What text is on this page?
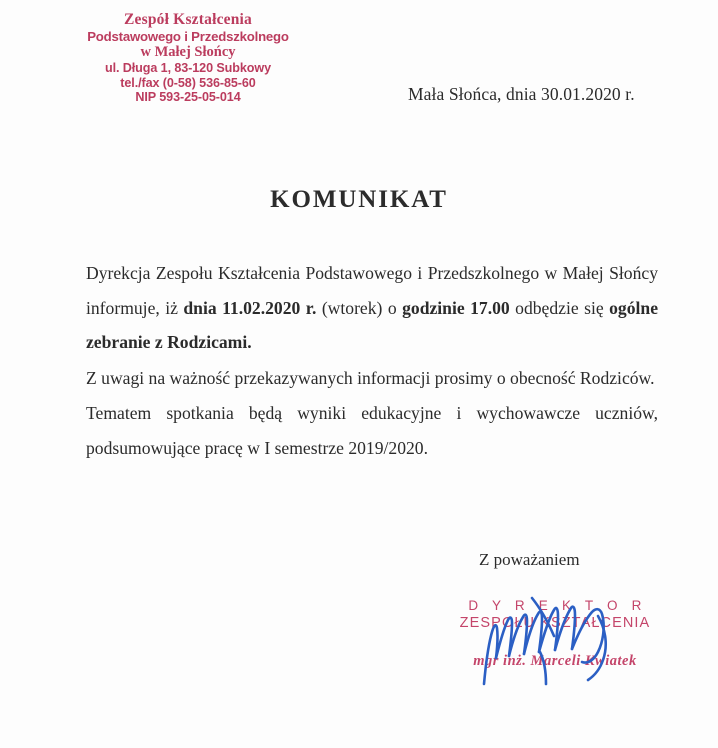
Zespół Kształcenia
Podstawowego i Przedszkolnego
w Małej Słońcy
ul. Długa 1, 83-120 Subkowy
tel./fax (0-58) 536-85-60
NIP 593-25-05-014	Mała Słońca, dnia 30.01.2020 r.
KOMUNIKAT

Dyrekcja Zespołu Kształcenia Podstawowego i Przedszkolnego w Małej Słońcy informuje, iż dnia 11.02.2020 r. (wtorek) o godzinie 17.00 odbędzie się ogólne zebranie z Rodzicami.

Z uwagi na ważność przekazywanych informacji prosimy o obecność Rodziców.

Tematem spotkania będą wyniki edukacyjne i wychowawcze uczniów, podsumowujące pracę w I semestrze 2019/2020.

Z poważaniem
D Y R E K T O R
ZESPOŁU KSZTAŁCENIA
mgr inż. Marceli Kwiatek
